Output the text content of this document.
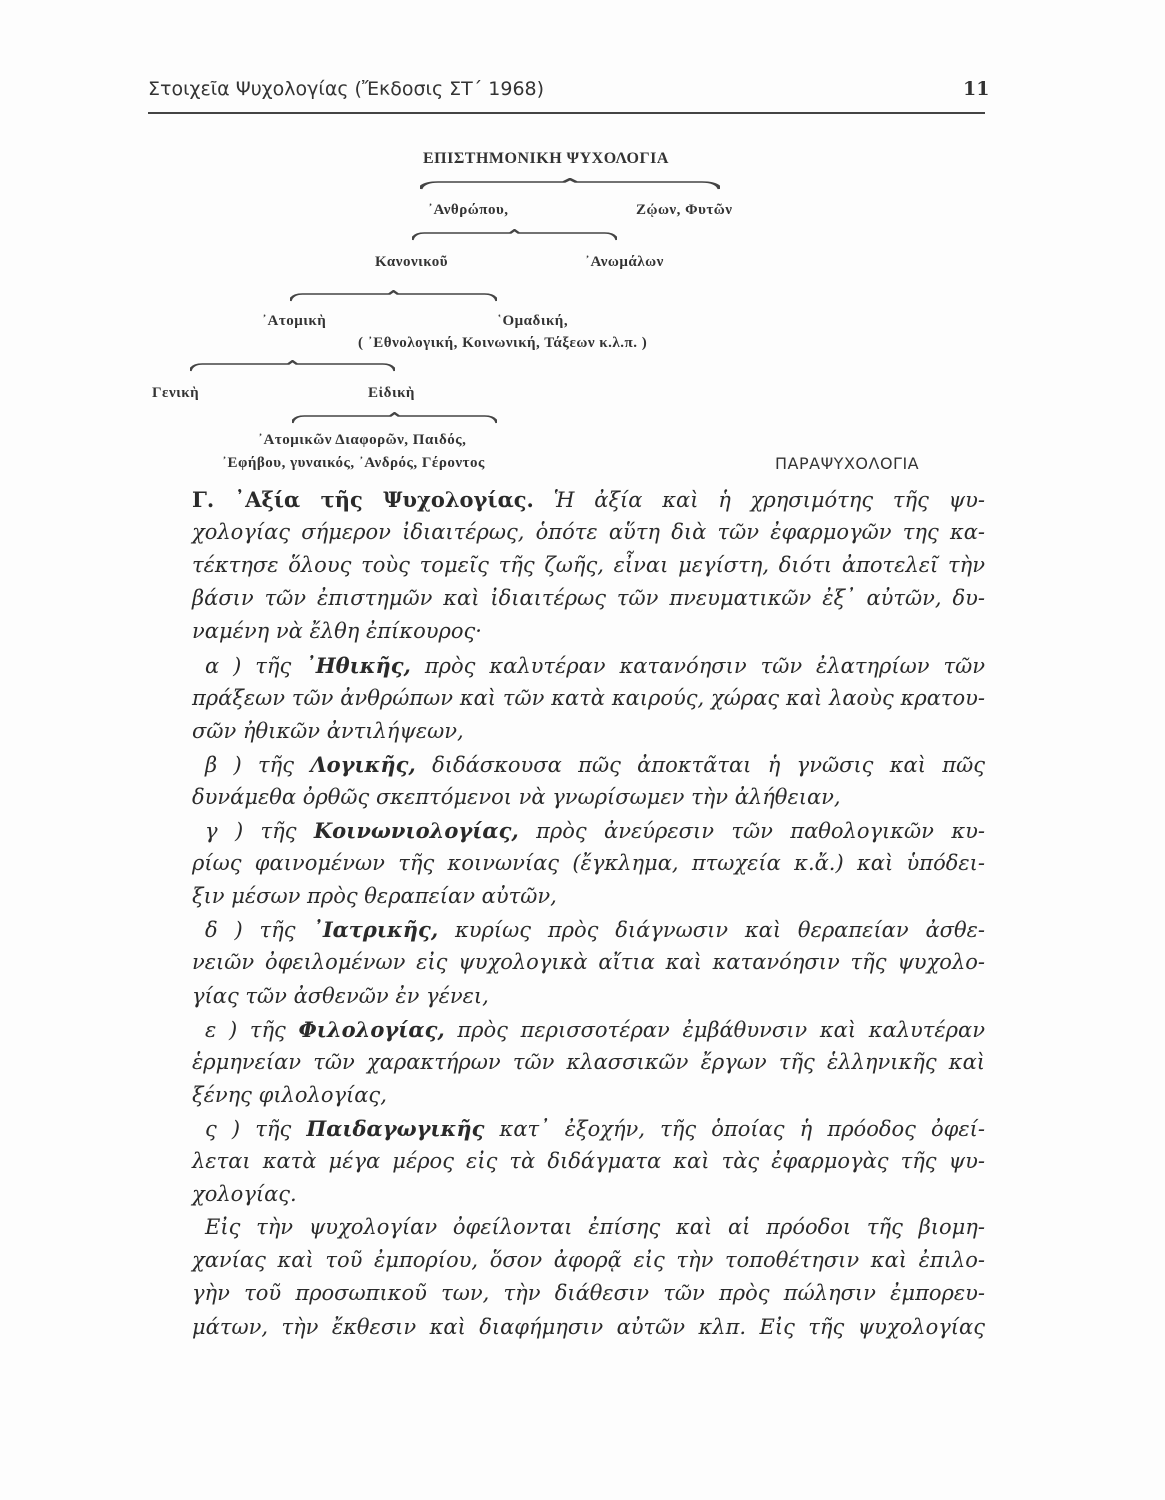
Στοιχεῖα Ψυχολογίας (Ἔκδοσις ΣΤ΄ 1968)	11
ΕΠΙΣΤΗΜΟΝΙΚΗ ΨΥΧΟΛΟΓΙΑ
᾿Ανθρώπου,	Ζῴων, Φυτῶν
Κανονικοῦ	᾿Ανωμάλων
᾿Ατομικὴ	῾Ομαδική,
( ᾿Εθνολογική, Κοινωνική, Τάξεων κ.λ.π. )
Γενικὴ	Εἰδικὴ
᾿Ατομικῶν Διαφορῶν, Παιδός,
᾿Εφήβου, γυναικός, ᾿Ανδρός, Γέροντος	ΠΑΡΑΨΥΧΟΛΟΓΙΑ
Γ. ᾿Αξία τῆς Ψυχολογίας. Ἡ ἀξία καὶ ἡ χρησιμότης τῆς ψυ-
χολογίας σήμερον ἰδιαιτέρως, ὁπότε αὕτη διὰ τῶν ἐφαρμογῶν της κα-
τέκτησε ὅλους τοὺς τομεῖς τῆς ζωῆς, εἶναι μεγίστη, διότι ἀποτελεῖ τὴν
βάσιν τῶν ἐπιστημῶν καὶ ἰδιαιτέρως τῶν πνευματικῶν ἐξ᾿ αὐτῶν, δυ-
ναμένη νὰ ἔλθη ἐπίκουρος·
α ) τῆς ᾿Ηθικῆς, πρὸς καλυτέραν κατανόησιν τῶν ἐλατηρίων τῶν
πράξεων τῶν ἀνθρώπων καὶ τῶν κατὰ καιρούς, χώρας καὶ λαοὺς κρατου-
σῶν ἠθικῶν ἀντιλήψεων,
β ) τῆς Λογικῆς, διδάσκουσα πῶς ἀποκτᾶται ἡ γνῶσις καὶ πῶς
δυνάμεθα ὀρθῶς σκεπτόμενοι νὰ γνωρίσωμεν τὴν ἀλήθειαν,
γ ) τῆς Κοινωνιολογίας, πρὸς ἀνεύρεσιν τῶν παθολογικῶν κυ-
ρίως φαινομένων τῆς κοινωνίας (ἔγκλημα, πτωχεία κ.ἄ.) καὶ ὑπόδει-
ξιν μέσων πρὸς θεραπείαν αὐτῶν,
δ ) τῆς ᾿Ιατρικῆς, κυρίως πρὸς διάγνωσιν καὶ θεραπείαν ἀσθε-
νειῶν ὀφειλομένων εἰς ψυχολογικὰ αἴτια καὶ κατανόησιν τῆς ψυχολο-
γίας τῶν ἀσθενῶν ἐν γένει,
ε ) τῆς Φιλολογίας, πρὸς περισσοτέραν ἐμβάθυνσιν καὶ καλυτέραν
ἑρμηνείαν τῶν χαρακτήρων τῶν κλασσικῶν ἔργων τῆς ἑλληνικῆς καὶ
ξένης φιλολογίας,
ς ) τῆς Παιδαγωγικῆς κατ᾿ ἐξοχήν, τῆς ὁποίας ἡ πρόοδος ὀφεί-
λεται κατὰ μέγα μέρος εἰς τὰ διδάγματα καὶ τὰς ἐφαρμογὰς τῆς ψυ-
χολογίας.
Εἰς τὴν ψυχολογίαν ὀφείλονται ἐπίσης καὶ αἱ πρόοδοι τῆς βιομη-
χανίας καὶ τοῦ ἐμπορίου, ὅσον ἀφορᾷ εἰς τὴν τοποθέτησιν καὶ ἐπιλο-
γὴν τοῦ προσωπικοῦ των, τὴν διάθεσιν τῶν πρὸς πώλησιν ἐμπορευ-
μάτων, τὴν ἔκθεσιν καὶ διαφήμησιν αὐτῶν κλπ. Εἰς τῆς ψυχολογίας
